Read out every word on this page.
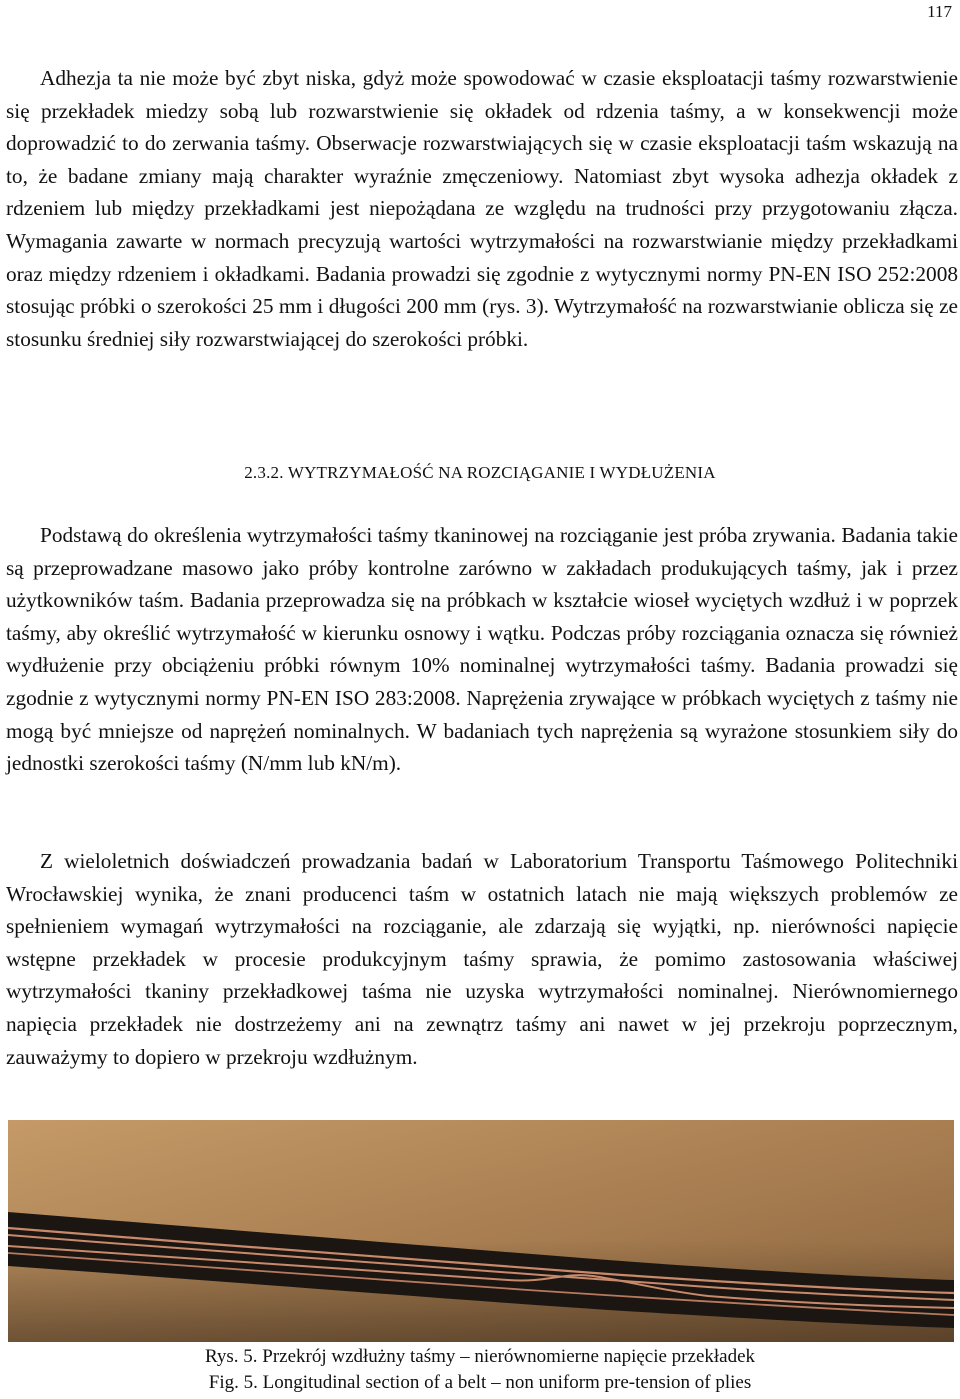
117

Adhezja ta nie może być zbyt niska, gdyż może spowodować w czasie eksploatacji taśmy rozwarstwienie się przekładek miedzy sobą lub rozwarstwienie się okładek od rdzenia taśmy, a w konsekwencji może doprowadzić to do zerwania taśmy. Obserwacje rozwarstwiających się w czasie eksploatacji taśm wskazują na to, że badane zmiany mają charakter wyraźnie zmęczeniowy. Natomiast zbyt wysoka adhezja okładek z rdzeniem lub między przekładkami jest niepożądana ze względu na trudności przy przygotowaniu złącza. Wymagania zawarte w normach precyzują wartości wytrzymałości na rozwarstwianie między przekładkami oraz między rdzeniem i okładkami. Badania prowadzi się zgodnie z wytycznymi normy PN-EN ISO 252:2008 stosując próbki o szerokości 25 mm i długości 200 mm (rys. 3). Wytrzymałość na rozwarstwianie oblicza się ze stosunku średniej siły rozwarstwiającej do szerokości próbki.

2.3.2. WYTRZYMAŁOŚĆ NA ROZCIĄGANIE I WYDŁUŻENIA

Podstawą do określenia wytrzymałości taśmy tkaninowej na rozciąganie jest próba zrywania. Badania takie są przeprowadzane masowo jako próby kontrolne zarówno w zakładach produkujących taśmy, jak i przez użytkowników taśm. Badania przeprowadza się na próbkach w kształcie wioseł wyciętych wzdłuż i w poprzek taśmy, aby określić wytrzymałość w kierunku osnowy i wątku. Podczas próby rozciągania oznacza się również wydłużenie przy obciążeniu próbki równym 10% nominalnej wytrzymałości taśmy. Badania prowadzi się zgodnie z wytycznymi normy PN-EN ISO 283:2008. Naprężenia zrywające w próbkach wyciętych z taśmy nie mogą być mniejsze od naprężeń nominalnych. W badaniach tych naprężenia są wyrażone stosunkiem siły do jednostki szerokości taśmy (N/mm lub kN/m).

Z wieloletnich doświadczeń prowadzania badań w Laboratorium Transportu Taśmowego Politechniki Wrocławskiej wynika, że znani producenci taśm w ostatnich latach nie mają większych problemów ze spełnieniem wymagań wytrzymałości na rozciąganie, ale zdarzają się wyjątki, np. nierówności napięcie wstępne przekładek w procesie produkcyjnym taśmy sprawia, że pomimo zastosowania właściwej wytrzymałości tkaniny przekładkowej taśma nie uzyska wytrzymałości nominalnej. Nierównomiernego napięcia przekładek nie dostrzeżemy ani na zewnątrz taśmy ani nawet w jej przekroju poprzecznym, zauważymy to dopiero w przekroju wzdłużnym.

Rys. 5. Przekrój wzdłużny taśmy – nierównomierne napięcie przekładek
Fig. 5. Longitudinal section of a belt – non uniform pre-tension of plies
